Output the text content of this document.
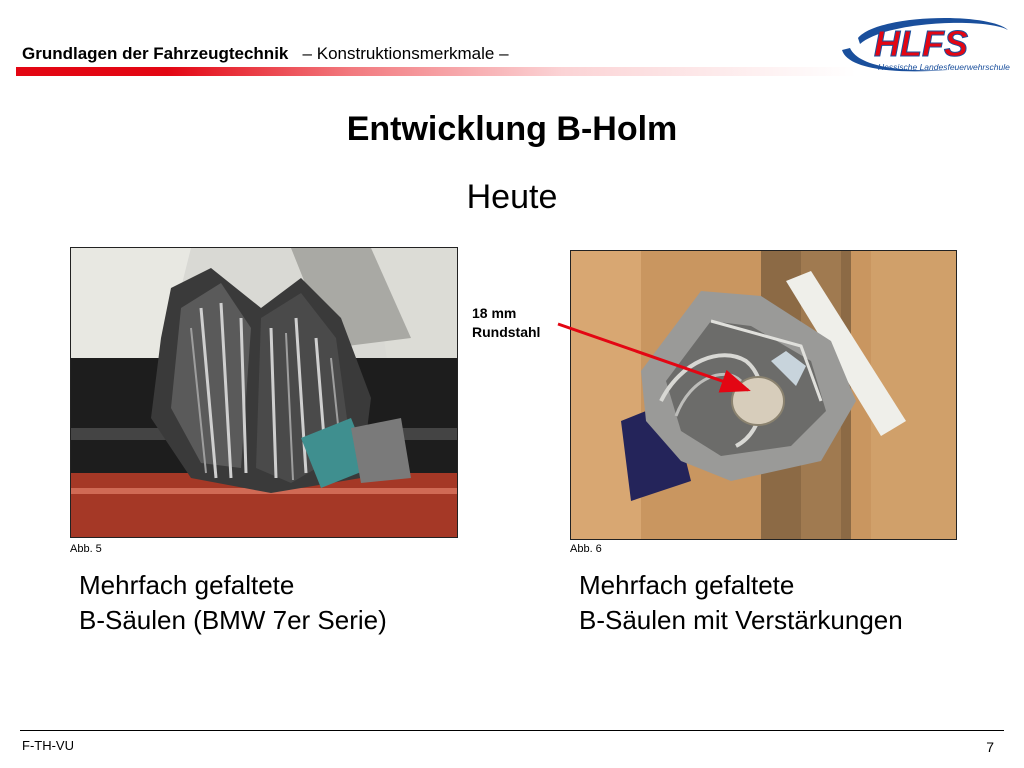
Grundlagen der Fahrzeugtechnik – Konstruktionsmerkmale –	HLFS
Hessische Landesfeuerwehrschule
Entwicklung B-Holm
Heute
Abb. 5	Abb. 6
18 mm
Rundstahl
Mehrfach gefaltete
B-Säulen (BMW 7er Serie)
Mehrfach gefaltete
B-Säulen mit Verstärkungen
F-TH-VU	7
